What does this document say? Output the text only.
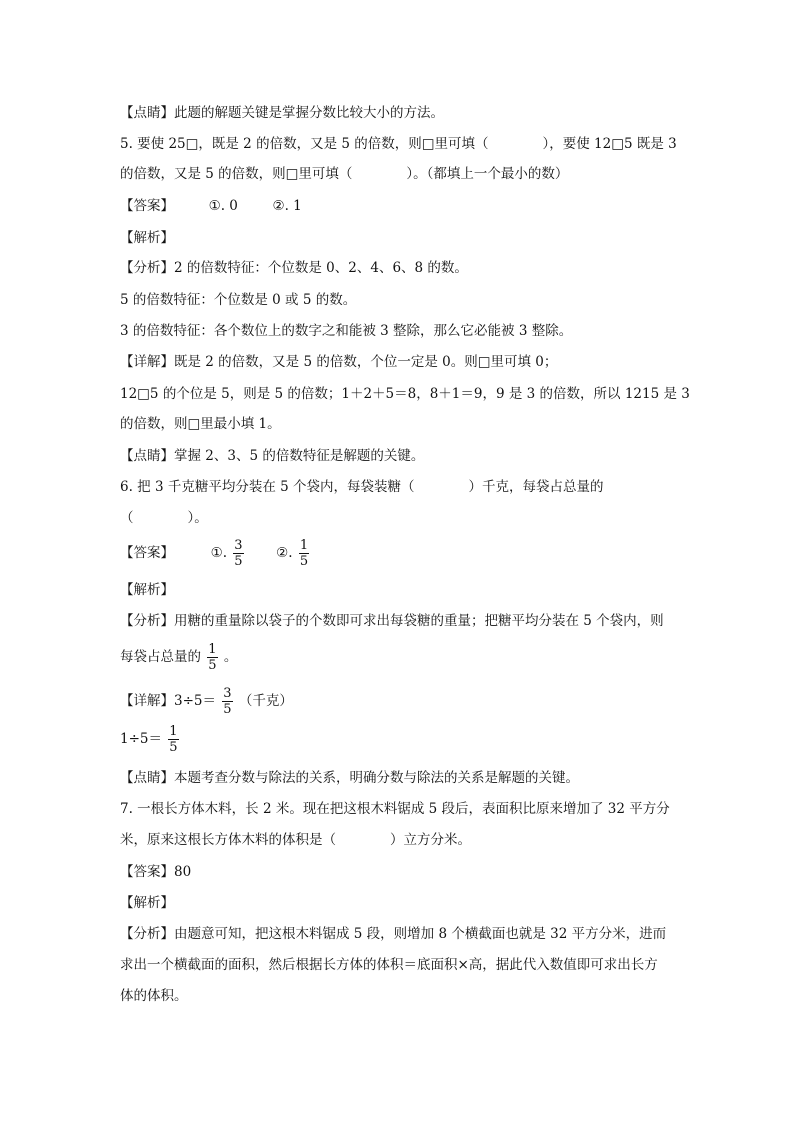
【点睛】此题的解题关键是掌握分数比较大小的方法。
5. 要使 25□，既是 2 的倍数，又是 5 的倍数，则□里可填（　　　　），要使 12□5 既是 3
的倍数，又是 5 的倍数，则□里可填（　　　　）。（都填上一个最小的数）
【答案】	①. 0	②. 1
【解析】
【分析】2 的倍数特征：个位数是 0、2、4、6、8 的数。
5 的倍数特征：个位数是 0 或 5 的数。
3 的倍数特征：各个数位上的数字之和能被 3 整除，那么它必能被 3 整除。
【详解】既是 2 的倍数，又是 5 的倍数，个位一定是 0。则□里可填 0；
12□5 的个位是 5，则是 5 的倍数；1＋2＋5＝8，8＋1＝9，9 是 3 的倍数，所以 1215 是 3
的倍数，则□里最小填 1。
【点睛】掌握 2、3、5 的倍数特征是解题的关键。
6. 把 3 千克糖平均分装在 5 个袋内，每袋装糖（　　　　）千克，每袋占总量的
（　　　　）。
【答案】	①. $\frac{3}{5}$ ②. $\frac{1}{5}$
【解析】
【分析】用糖的重量除以袋子的个数即可求出每袋糖的重量；把糖平均分装在 5 个袋内，则
每袋占总量的 $\frac{1}{5}$ 。
【详解】$3\div 5= \frac{3}{5}$ （千克）
$1\div 5= \frac{1}{5}$
【点睛】本题考查分数与除法的关系，明确分数与除法的关系是解题的关键。
7. 一根长方体木料，长 2 米。现在把这根木料锯成 5 段后，表面积比原来增加了 32 平方分
米，原来这根长方体木料的体积是（　　　　）立方分米。
【答案】80
【解析】
【分析】由题意可知，把这根木料锯成 5 段，则增加 8 个横截面也就是 32 平方分米，进而
求出一个横截面的面积，然后根据长方体的体积＝底面积×高，据此代入数值即可求出长方
体的体积。
